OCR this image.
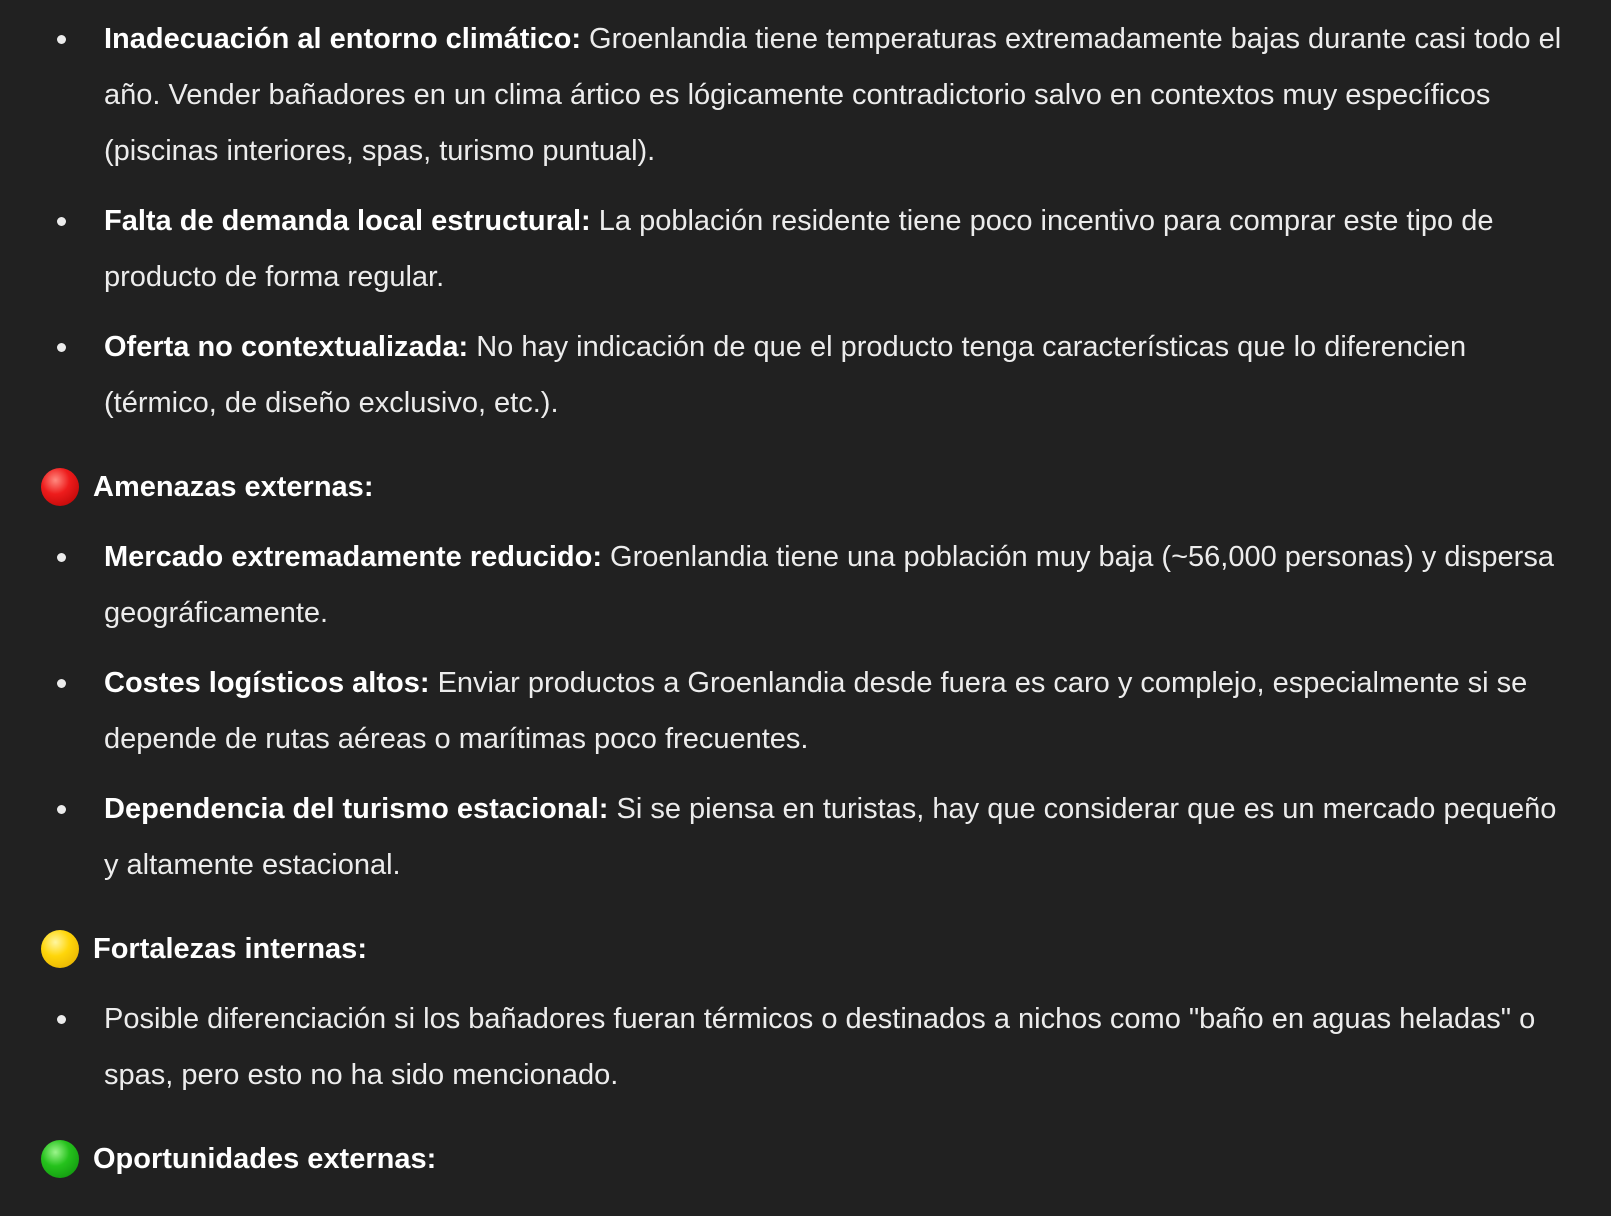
Inadecuación al entorno climático: Groenlandia tiene temperaturas extremadamente bajas durante casi todo el año. Vender bañadores en un clima ártico es lógicamente contradictorio salvo en contextos muy específicos (piscinas interiores, spas, turismo puntual).
Falta de demanda local estructural: La población residente tiene poco incentivo para comprar este tipo de producto de forma regular.
Oferta no contextualizada: No hay indicación de que el producto tenga características que lo diferencien (térmico, de diseño exclusivo, etc.).
Amenazas externas:
Mercado extremadamente reducido: Groenlandia tiene una población muy baja (~56,000 personas) y dispersa geográficamente.
Costes logísticos altos: Enviar productos a Groenlandia desde fuera es caro y complejo, especialmente si se depende de rutas aéreas o marítimas poco frecuentes.
Dependencia del turismo estacional: Si se piensa en turistas, hay que considerar que es un mercado pequeño y altamente estacional.
Fortalezas internas:
Posible diferenciación si los bañadores fueran térmicos o destinados a nichos como "baño en aguas heladas" o spas, pero esto no ha sido mencionado.
Oportunidades externas:
